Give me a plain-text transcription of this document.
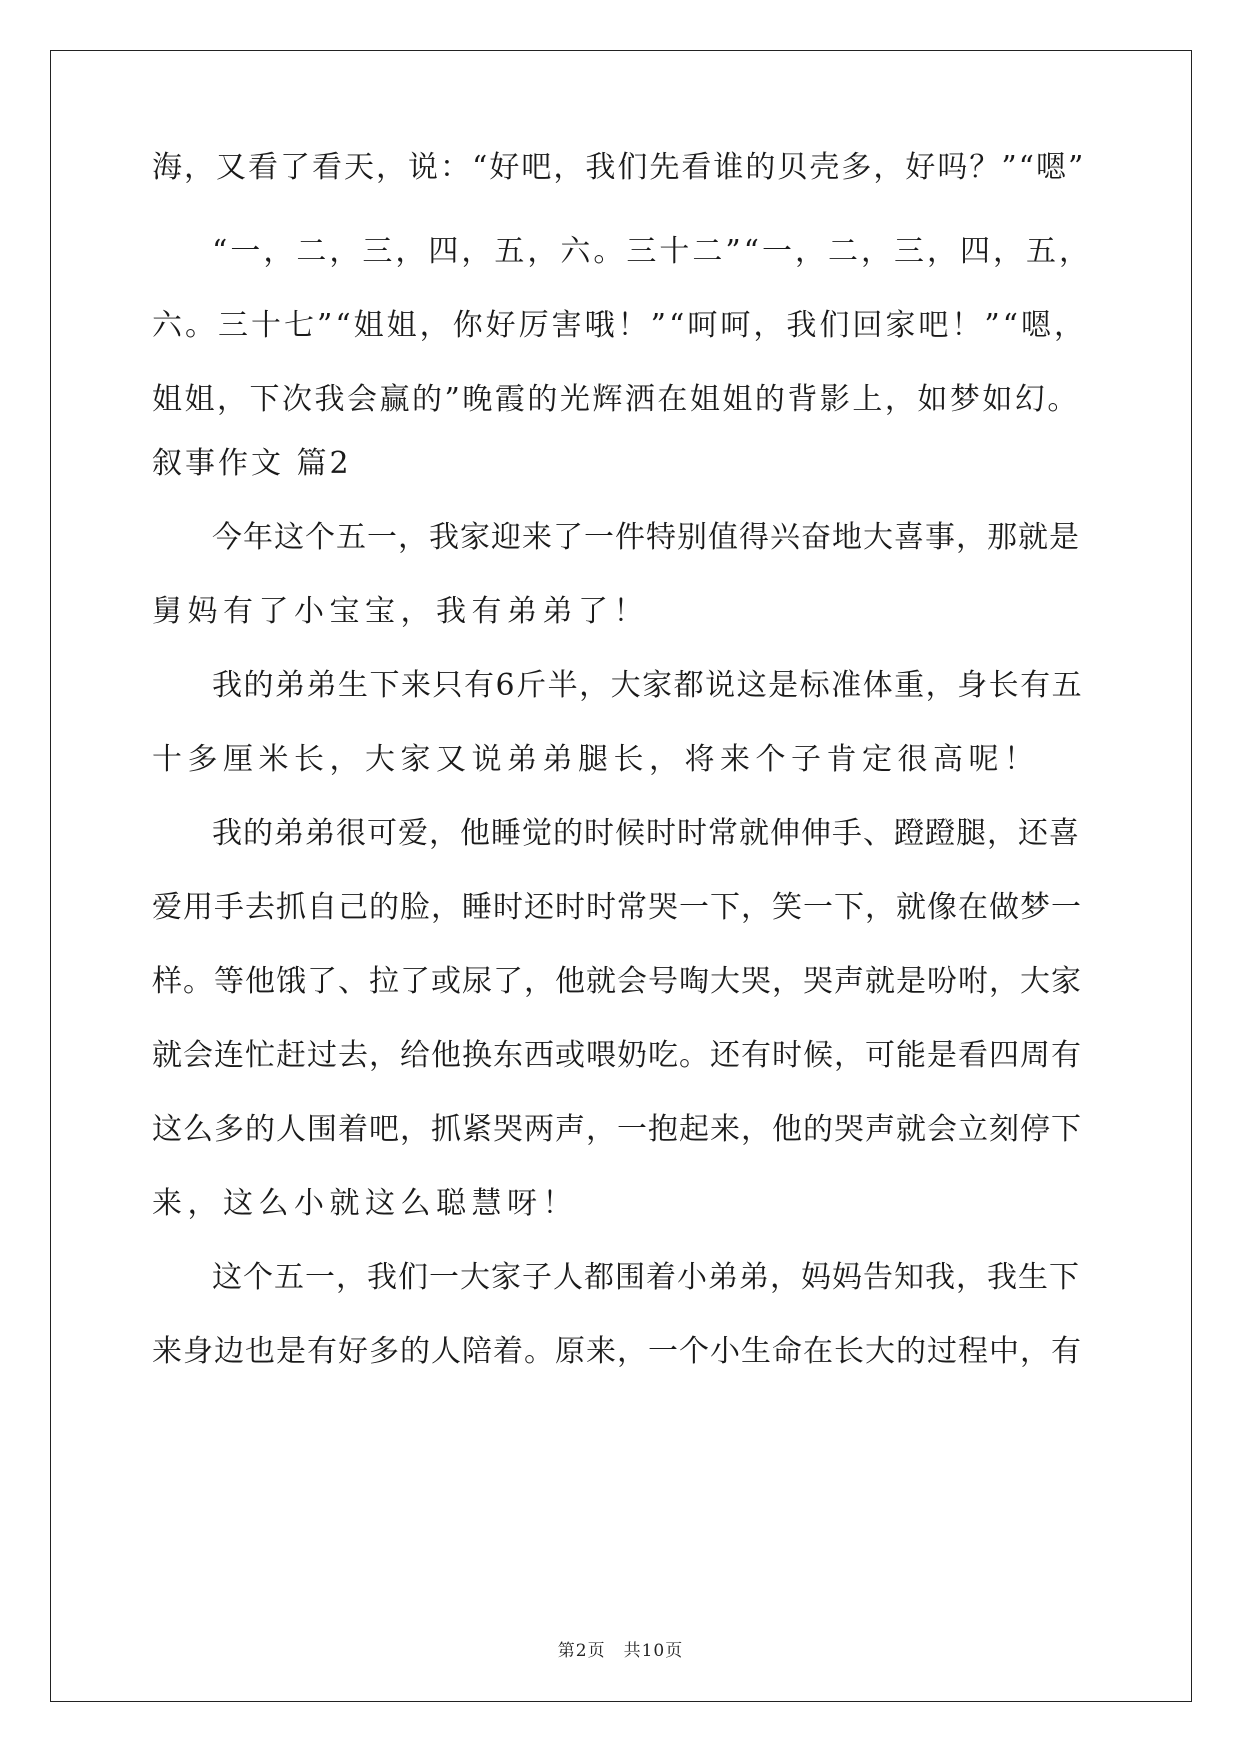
海，又看了看天，说：“好吧，我们先看谁的贝壳多，好吗？”“嗯”
“一，二，三，四，五，六。三十二”“一，二，三，四，五，
六。三十七”“姐姐，你好厉害哦！”“呵呵，我们回家吧！”“嗯，
姐姐，下次我会赢的”晚霞的光辉洒在姐姐的背影上，如梦如幻。
叙事作文 篇2
今年这个五一，我家迎来了一件特别值得兴奋地大喜事，那就是
舅妈有了小宝宝，我有弟弟了！
我的弟弟生下来只有6斤半，大家都说这是标准体重，身长有五
十多厘米长，大家又说弟弟腿长，将来个子肯定很高呢！
我的弟弟很可爱，他睡觉的时候时时常就伸伸手、蹬蹬腿，还喜
爱用手去抓自己的脸，睡时还时时常哭一下，笑一下，就像在做梦一
样。等他饿了、拉了或尿了，他就会号啕大哭，哭声就是吩咐，大家
就会连忙赶过去，给他换东西或喂奶吃。还有时候，可能是看四周有
这么多的人围着吧，抓紧哭两声，一抱起来，他的哭声就会立刻停下
来，这么小就这么聪慧呀！
这个五一，我们一大家子人都围着小弟弟，妈妈告知我，我生下
来身边也是有好多的人陪着。原来，一个小生命在长大的过程中，有
第2页　共10页
